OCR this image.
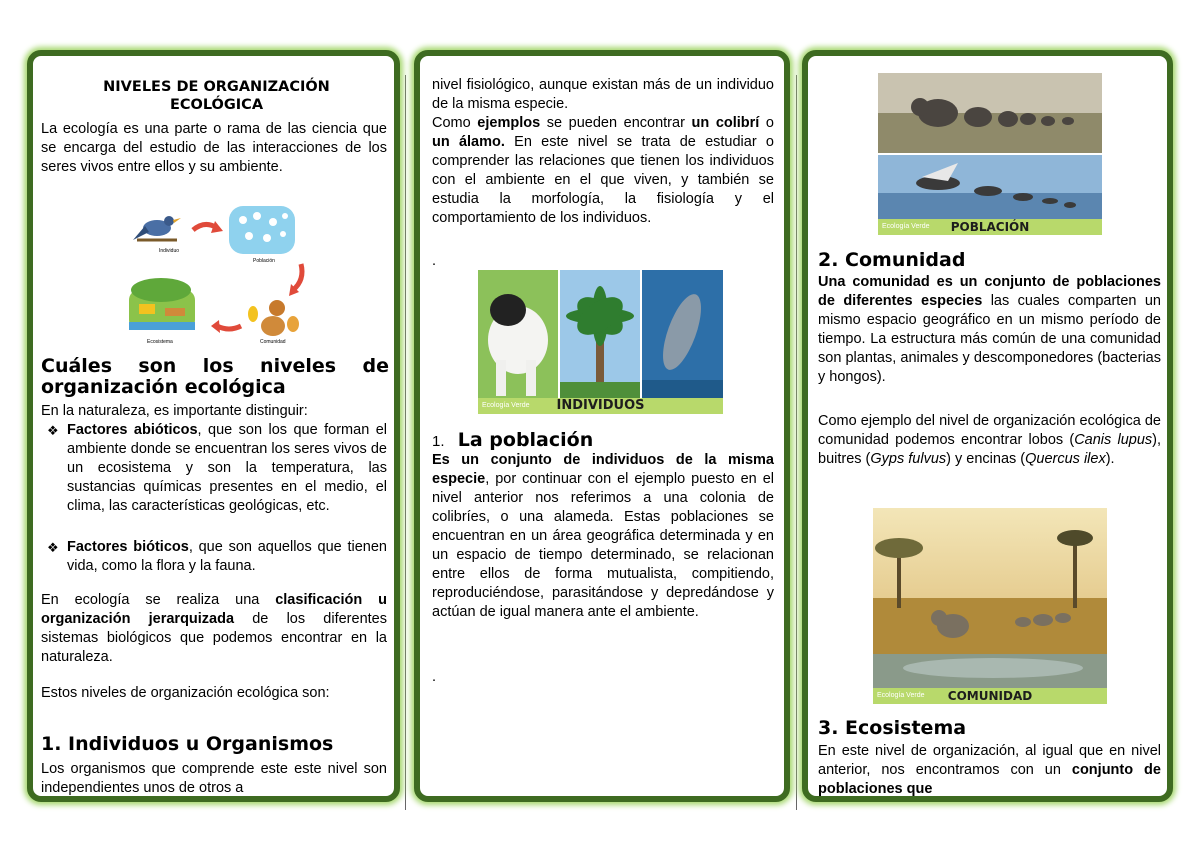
NIVELES DE ORGANIZACIÓN
ECOLÓGICA
La ecología es una parte o rama de las ciencia que se encarga del estudio de las interacciones de los seres vivos entre ellos y su ambiente.
Individuo
Población
Comunidad
Ecosistema
Cuáles son los niveles de organización ecológica
En la naturaleza, es importante distinguir:
❖ Factores abióticos, que son los que forman el ambiente donde se encuentran los seres vivos de un ecosistema y son la temperatura, las sustancias químicas presentes en el medio, el clima, las características geológicas, etc.
❖ Factores bióticos, que son aquellos que tienen vida, como la flora y la fauna.
En ecología se realiza una clasificación u organización jerarquizada de los diferentes sistemas biológicos que podemos encontrar en la naturaleza.
Estos niveles de organización ecológica son:
1. Individuos u Organismos
Los organismos que comprende este este nivel son independientes unos de otros a
nivel fisiológico, aunque existan más de un individuo de la misma especie.
Como ejemplos se pueden encontrar un colibrí o un álamo. En este nivel se trata de estudiar o comprender las relaciones que tienen los individuos con el ambiente en el que viven, y también se estudia la morfología, la fisiología y el comportamiento de los individuos.
.
Ecología Verde INDIVIDUOS
1. La población
Es un conjunto de individuos de la misma especie, por continuar con el ejemplo puesto en el nivel anterior nos referimos a una colonia de colibríes, o una alameda. Estas poblaciones se encuentran en un área geográfica determinada y en un espacio de tiempo determinado, se relacionan entre ellos de forma mutualista, compitiendo, reproduciéndose, parasitándose y depredándose y actúan de igual manera ante el ambiente.
.
Ecología Verde POBLACIÓN
2. Comunidad
Una comunidad es un conjunto de poblaciones de diferentes especies las cuales comparten un mismo espacio geográfico en un mismo período de tiempo. La estructura más común de una comunidad son plantas, animales y descomponedores (bacterias y hongos).
Como ejemplo del nivel de organización ecológica de comunidad podemos encontrar lobos (Canis lupus), buitres (Gyps fulvus) y encinas (Quercus ilex).
Ecología Verde COMUNIDAD
3. Ecosistema
En este nivel de organización, al igual que en nivel anterior, nos encontramos con un conjunto de poblaciones que
